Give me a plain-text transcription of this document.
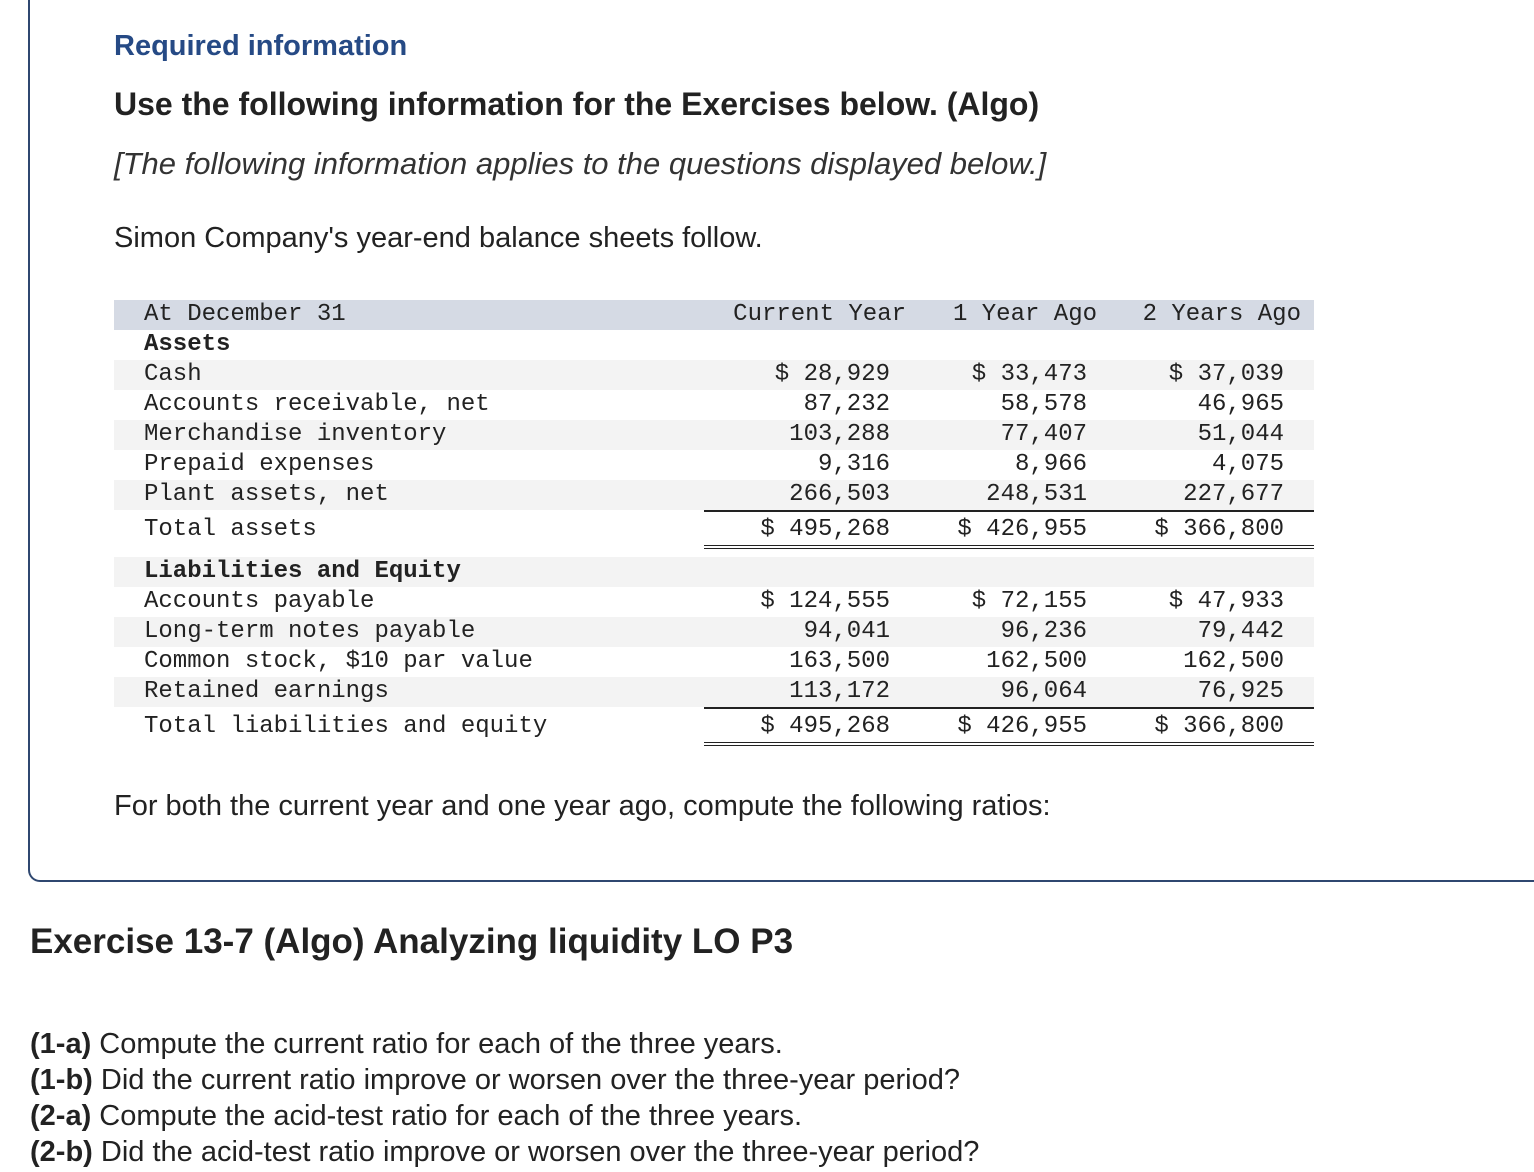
Required information
Use the following information for the Exercises below. (Algo)

[The following information applies to the questions displayed below.]

Simon Company's year-end balance sheets follow.

At December 31	Current Year	1 Year Ago	2 Years Ago
Assets
Cash	$ 28,929	$ 33,473	$ 37,039
Accounts receivable, net	87,232	58,578	46,965
Merchandise inventory	103,288	77,407	51,044
Prepaid expenses	9,316	8,966	4,075
Plant assets, net	266,503	248,531	227,677
Total assets	$ 495,268	$ 426,955	$ 366,800
Liabilities and Equity
Accounts payable	$ 124,555	$ 72,155	$ 47,933
Long-term notes payable	94,041	96,236	79,442
Common stock, $10 par value	163,500	162,500	162,500
Retained earnings	113,172	96,064	76,925
Total liabilities and equity	$ 495,268	$ 426,955	$ 366,800

For both the current year and one year ago, compute the following ratios:

Exercise 13-7 (Algo) Analyzing liquidity LO P3
(1-a) Compute the current ratio for each of the three years.
(1-b) Did the current ratio improve or worsen over the three-year period?
(2-a) Compute the acid-test ratio for each of the three years.
(2-b) Did the acid-test ratio improve or worsen over the three-year period?
